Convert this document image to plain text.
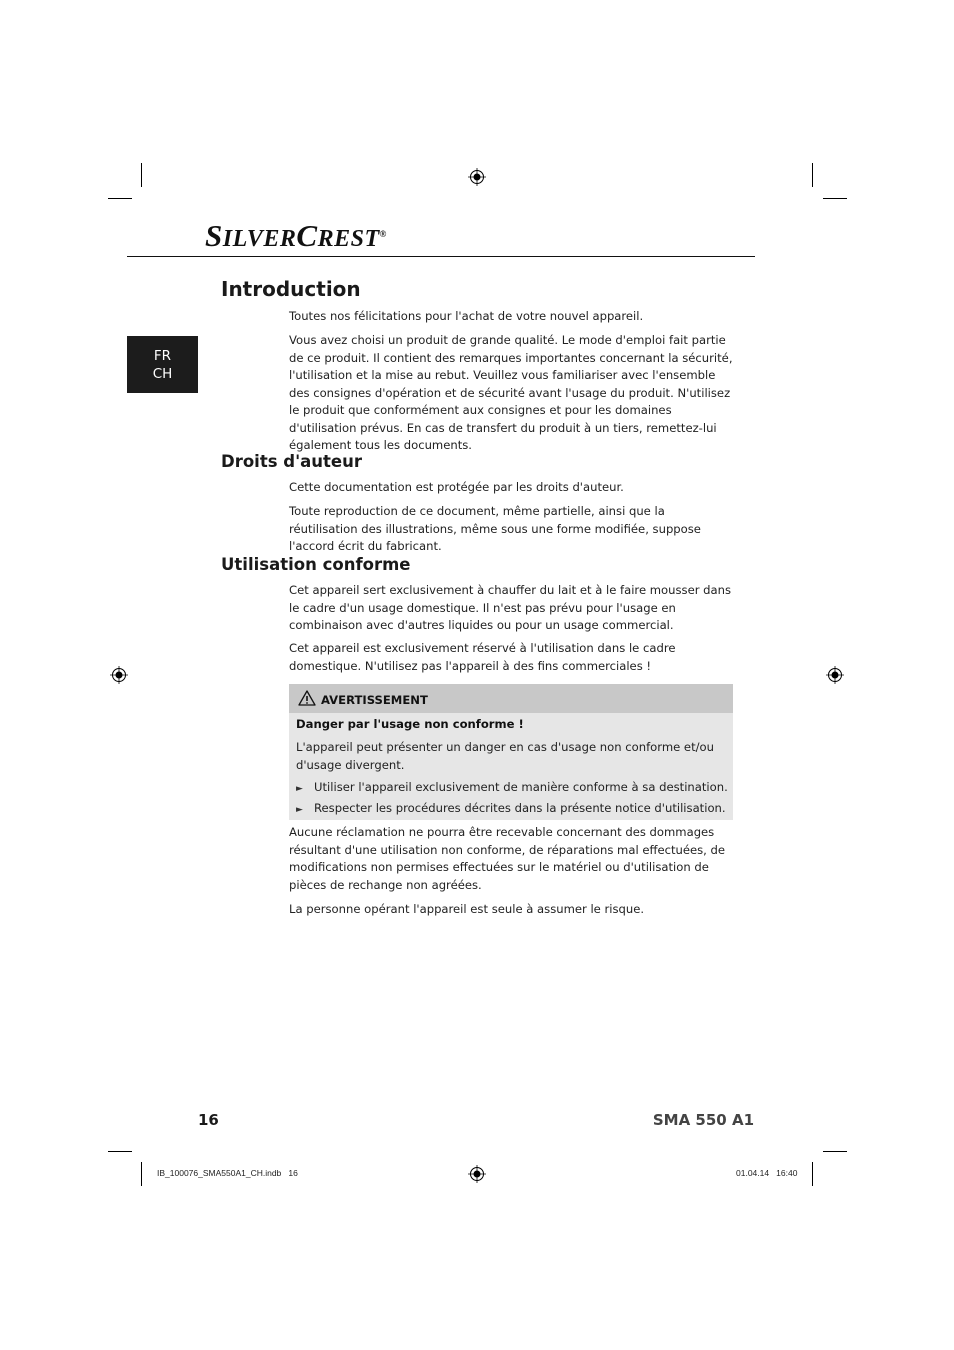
SILVERCREST®
FR
CH
Introduction

Toutes nos félicitations pour l'achat de votre nouvel appareil.

Vous avez choisi un produit de grande qualité. Le mode d'emploi fait partie de ce produit. Il contient des remarques importantes concernant la sécurité, l'utilisation et la mise au rebut. Veuillez vous familiariser avec l'ensemble des consignes d'opération et de sécurité avant l'usage du produit. N'utilisez le produit que conformément aux consignes et pour les domaines d'utilisation prévus. En cas de transfert du produit à un tiers, remettez-lui également tous les documents.

Droits d'auteur

Cette documentation est protégée par les droits d'auteur.

Toute reproduction de ce document, même partielle, ainsi que la réutilisation des illustrations, même sous une forme modifiée, suppose l'accord écrit du fabricant.

Utilisation conforme

Cet appareil sert exclusivement à chauffer du lait et à le faire mousser dans le cadre d'un usage domestique. Il n'est pas prévu pour l'usage en combinaison avec d'autres liquides ou pour un usage commercial.

Cet appareil est exclusivement réservé à l'utilisation dans le cadre domestique. N'utilisez pas l'appareil à des fins commerciales !

AVERTISSEMENT
Danger par l'usage non conforme !

L'appareil peut présenter un danger en cas d'usage non conforme et/ou d'usage divergent.

► Utiliser l'appareil exclusivement de manière conforme à sa destination.
► Respecter les procédures décrites dans la présente notice d'utilisation.

Aucune réclamation ne pourra être recevable concernant des dommages résultant d'une utilisation non conforme, de réparations mal effectuées, de modifications non permises effectuées sur le matériel ou d'utilisation de pièces de rechange non agréées.

La personne opérant l'appareil est seule à assumer le risque.

16	SMA 550 A1
IB_100076_SMA550A1_CH.indb   16	01.04.14   16:40
